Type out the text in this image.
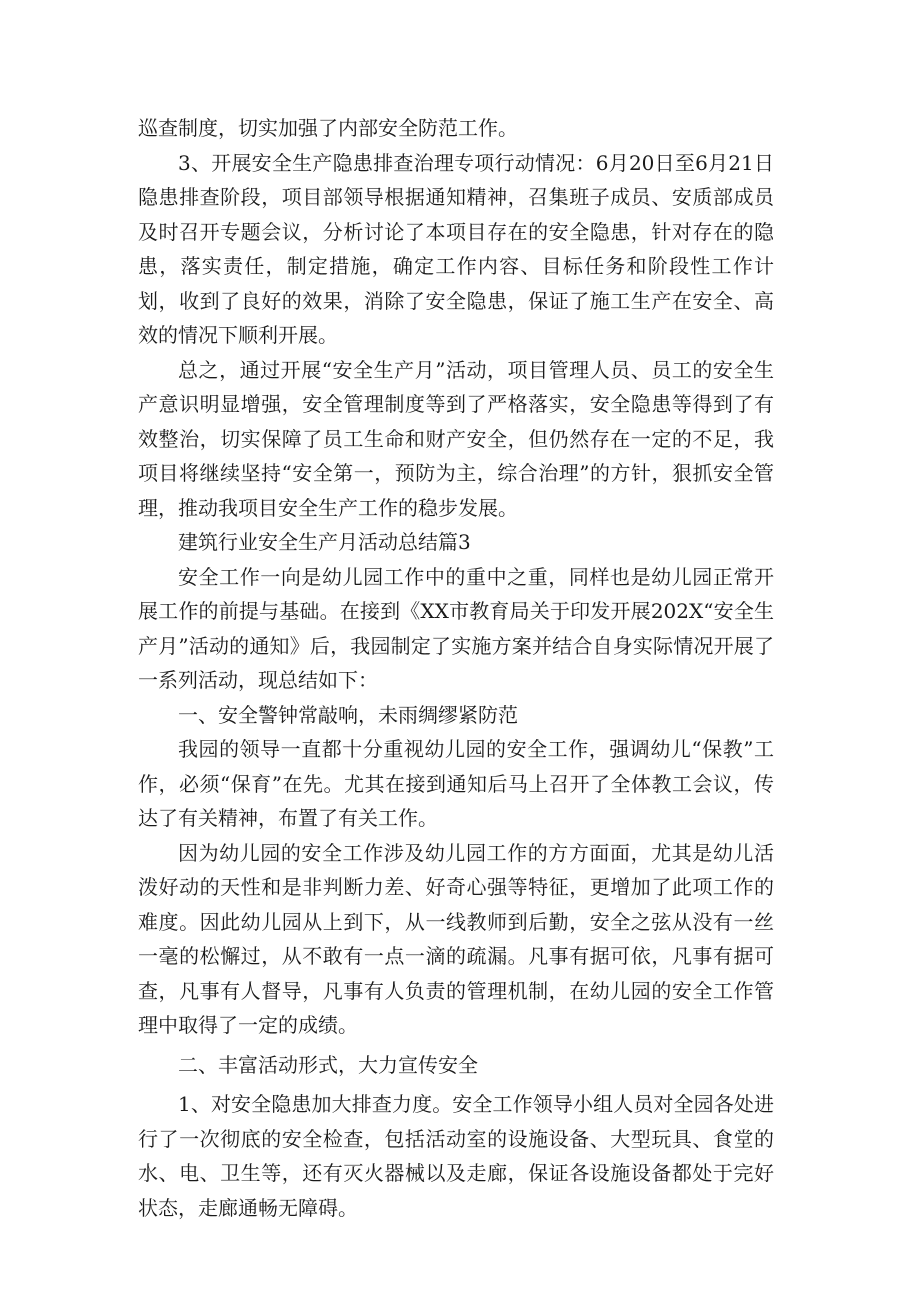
巡查制度，切实加强了内部安全防范工作。

3、开展安全生产隐患排查治理专项行动情况：6月20日至6月21日隐患排查阶段，项目部领导根据通知精神，召集班子成员、安质部成员及时召开专题会议，分析讨论了本项目存在的安全隐患，针对存在的隐患，落实责任，制定措施，确定工作内容、目标任务和阶段性工作计划，收到了良好的效果，消除了安全隐患，保证了施工生产在安全、高效的情况下顺利开展。

总之，通过开展“安全生产月”活动，项目管理人员、员工的安全生产意识明显增强，安全管理制度等到了严格落实，安全隐患等得到了有效整治，切实保障了员工生命和财产安全，但仍然存在一定的不足，我项目将继续坚持“安全第一，预防为主，综合治理”的方针，狠抓安全管理，推动我项目安全生产工作的稳步发展。

建筑行业安全生产月活动总结篇3

安全工作一向是幼儿园工作中的重中之重，同样也是幼儿园正常开展工作的前提与基础。在接到《XX市教育局关于印发开展202X“安全生产月”活动的通知》后，我园制定了实施方案并结合自身实际情况开展了一系列活动，现总结如下：

一、安全警钟常敲响，未雨绸缪紧防范

我园的领导一直都十分重视幼儿园的安全工作，强调幼儿“保教”工作，必须“保育”在先。尤其在接到通知后马上召开了全体教工会议，传达了有关精神，布置了有关工作。

因为幼儿园的安全工作涉及幼儿园工作的方方面面，尤其是幼儿活泼好动的天性和是非判断力差、好奇心强等特征，更增加了此项工作的难度。因此幼儿园从上到下，从一线教师到后勤，安全之弦从没有一丝一毫的松懈过，从不敢有一点一滴的疏漏。凡事有据可依，凡事有据可查，凡事有人督导，凡事有人负责的管理机制，在幼儿园的安全工作管理中取得了一定的成绩。

二、丰富活动形式，大力宣传安全

1、对安全隐患加大排查力度。安全工作领导小组人员对全园各处进行了一次彻底的安全检查，包括活动室的设施设备、大型玩具、食堂的水、电、卫生等，还有灭火器械以及走廊，保证各设施设备都处于完好状态，走廊通畅无障碍。
